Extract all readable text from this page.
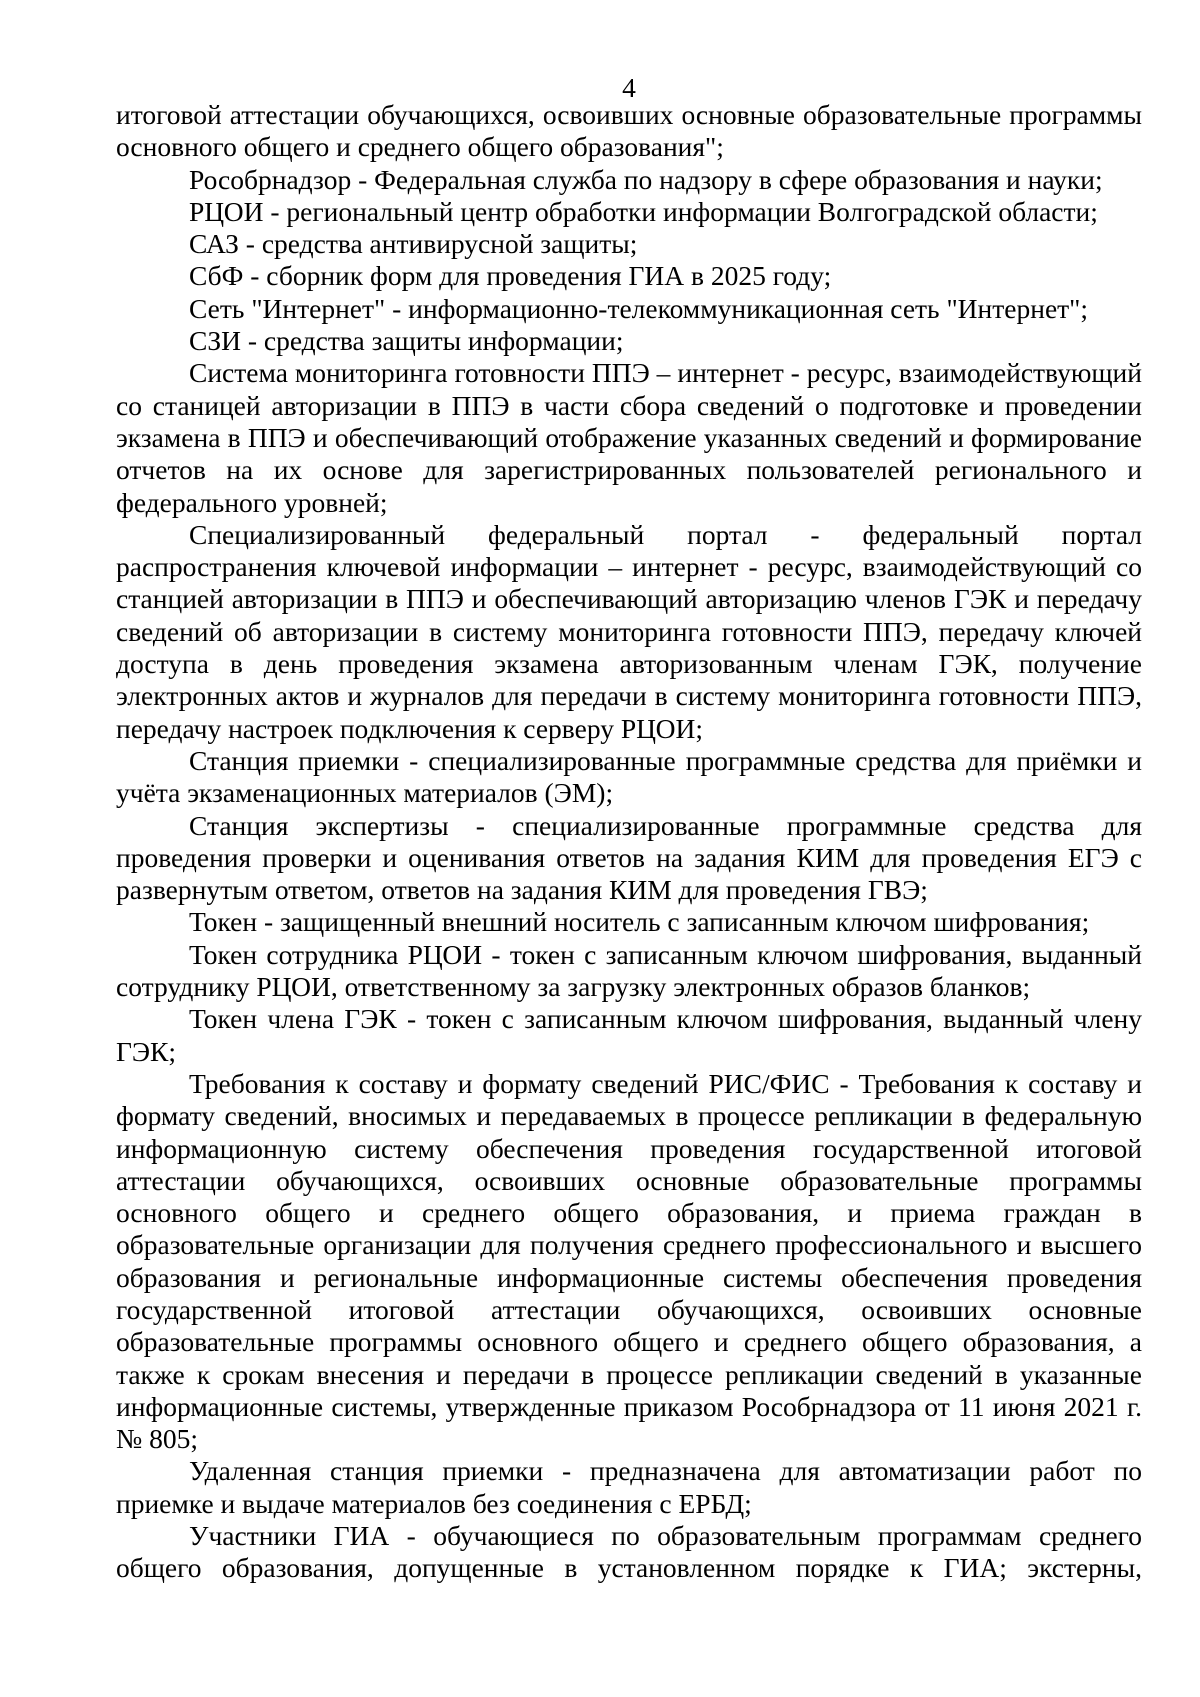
4

итоговой аттестации обучающихся, освоивших основные образовательные программы основного общего и среднего общего образования";

Рособрнадзор - Федеральная служба по надзору в сфере образования и науки;

РЦОИ - региональный центр обработки информации Волгоградской области;

САЗ - средства антивирусной защиты;

СбФ - сборник форм для проведения ГИА в 2025 году;

Сеть "Интернет" - информационно-телекоммуникационная сеть "Интернет";

СЗИ - средства защиты информации;

Система мониторинга готовности ППЭ – интернет - ресурс, взаимодействующий со станицей авторизации в ППЭ в части сбора сведений о подготовке и проведении экзамена в ППЭ и обеспечивающий отображение указанных сведений и формирование отчетов на их основе для зарегистрированных пользователей регионального и федерального уровней;

Специализированный федеральный портал - федеральный портал распространения ключевой информации – интернет - ресурс, взаимодействующий со станцией авторизации в ППЭ и обеспечивающий авторизацию членов ГЭК и передачу сведений об авторизации в систему мониторинга готовности ППЭ, передачу ключей доступа в день проведения экзамена авторизованным членам ГЭК, получение электронных актов и журналов для передачи в систему мониторинга готовности ППЭ, передачу настроек подключения к серверу РЦОИ;

Станция приемки - специализированные программные средства для приёмки и учёта экзаменационных материалов (ЭМ);

Станция экспертизы - специализированные программные средства для проведения проверки и оценивания ответов на задания КИМ для проведения ЕГЭ с развернутым ответом, ответов на задания КИМ для проведения ГВЭ;

Токен - защищенный внешний носитель с записанным ключом шифрования;

Токен сотрудника РЦОИ - токен с записанным ключом шифрования, выданный сотруднику РЦОИ, ответственному за загрузку электронных образов бланков;

Токен члена ГЭК - токен с записанным ключом шифрования, выданный члену ГЭК;

Требования к составу и формату сведений РИС/ФИС - Требования к составу и формату сведений, вносимых и передаваемых в процессе репликации в федеральную информационную систему обеспечения проведения государственной итоговой аттестации обучающихся, освоивших основные образовательные программы основного общего и среднего общего образования, и приема граждан в образовательные организации для получения среднего профессионального и высшего образования и региональные информационные системы обеспечения проведения государственной итоговой аттестации обучающихся, освоивших основные образовательные программы основного общего и среднего общего образования, а также к срокам внесения и передачи в процессе репликации сведений в указанные информационные системы, утвержденные приказом Рособрнадзора от 11 июня 2021 г. № 805;

Удаленная станция приемки - предназначена для автоматизации работ по приемке и выдаче материалов без соединения с ЕРБД;

Участники ГИА - обучающиеся по образовательным программам среднего общего образования, допущенные в установленном порядке к ГИА; экстерны,
